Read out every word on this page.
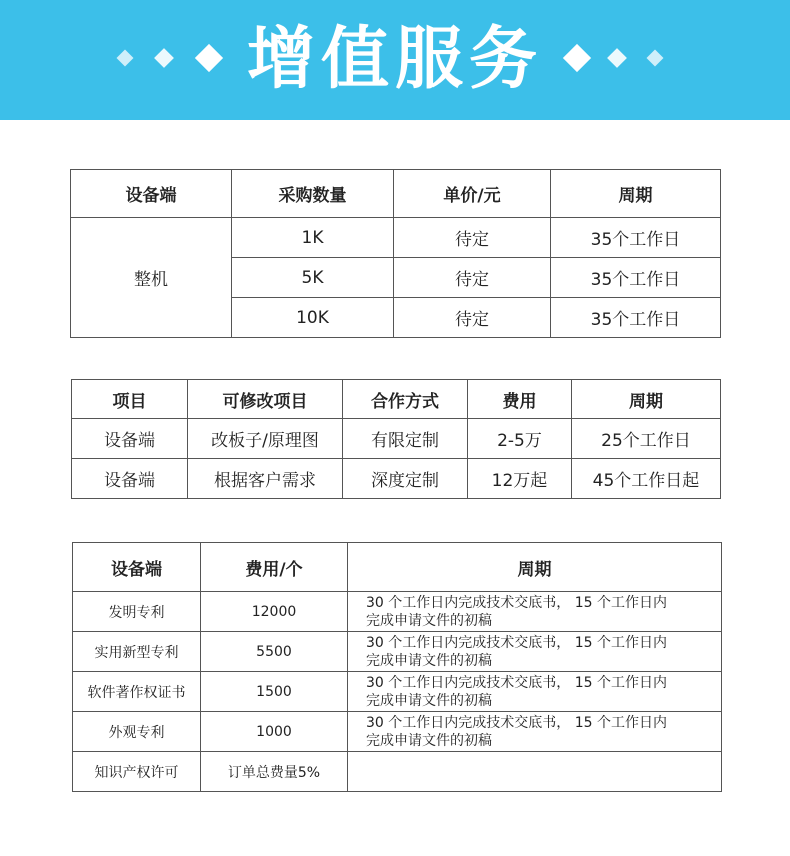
增值服务
设备端	采购数量	单价/元	周期
整机	1K	待定	35个工作日
	5K	待定	35个工作日
	10K	待定	35个工作日
项目	可修改项目	合作方式	费用	周期
设备端	改板子/原理图	有限定制	2-5万	25个工作日
设备端	根据客户需求	深度定制	12万起	45个工作日起
设备端	费用/个	周期
发明专利	12000	30 个工作日内完成技术交底书， 15 个工作日内
完成申请文件的初稿

实用新型专利	5500	30 个工作日内完成技术交底书， 15 个工作日内
完成申请文件的初稿

软件著作权证书	1500	30 个工作日内完成技术交底书， 15 个工作日内
完成申请文件的初稿

外观专利	1000	30 个工作日内完成技术交底书， 15 个工作日内
完成申请文件的初稿

知识产权许可	订单总费量5%	
